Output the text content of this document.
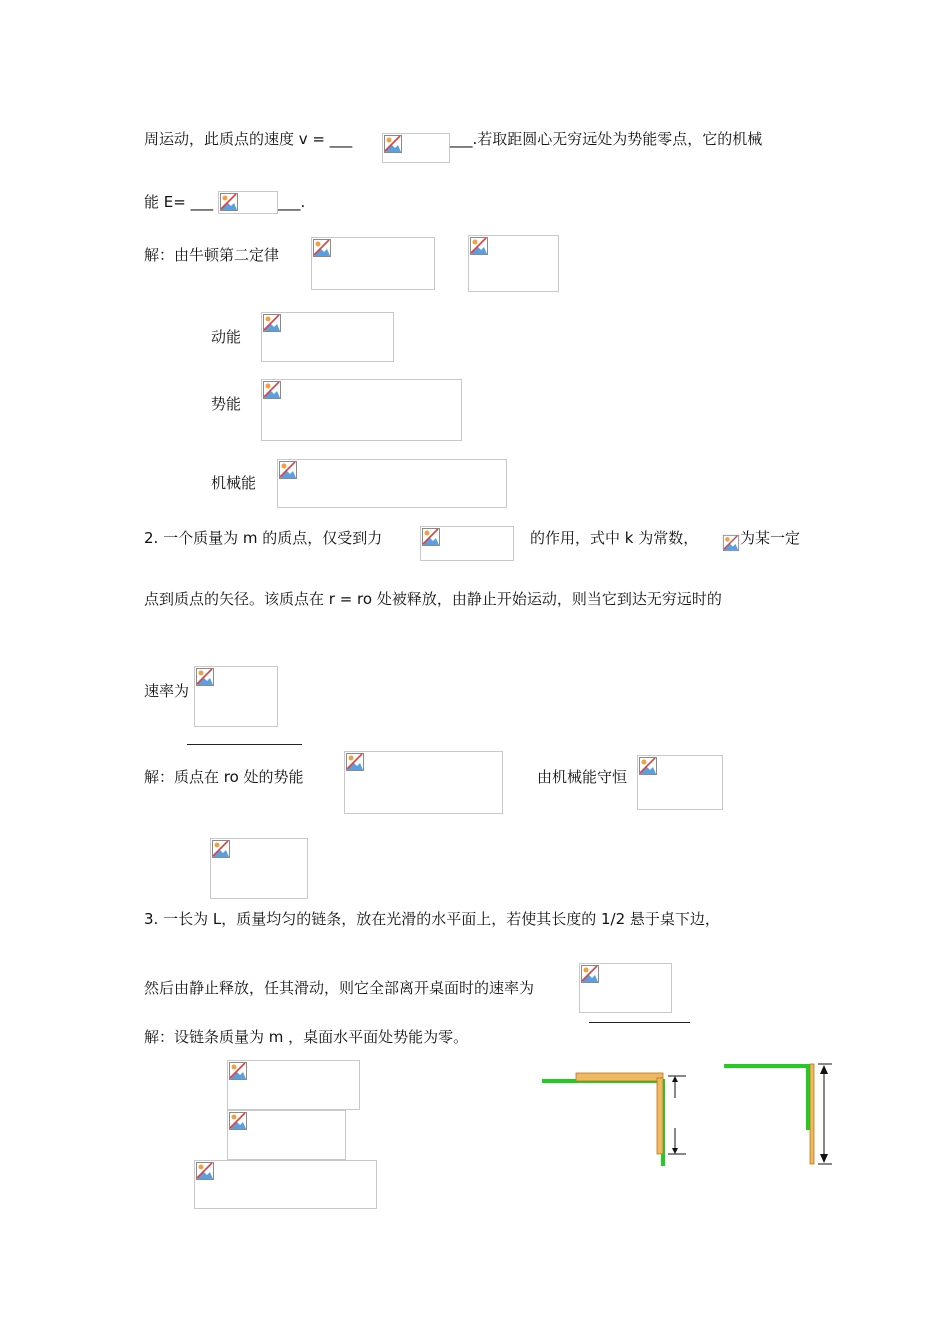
周运动，此质点的速度 v = ___	___.若取距圆心无穷远处为势能零点，它的机械
能 E= ___	___.
解：由牛顿第二定律
动能
势能
机械能
2. 一个质量为 m 的质点，仅受到力	的作用，式中 k 为常数，	为某一定
点到质点的矢径。该质点在 r = ro 处被释放，由静止开始运动，则当它到达无穷远时的
速率为
解：质点在 ro 处的势能	由机械能守恒
3. 一长为 L，质量均匀的链条，放在光滑的水平面上，若使其长度的 1/2 悬于桌下边，
然后由静止释放，任其滑动，则它全部离开桌面时的速率为
解：设链条质量为 m ，桌面水平面处势能为零。
